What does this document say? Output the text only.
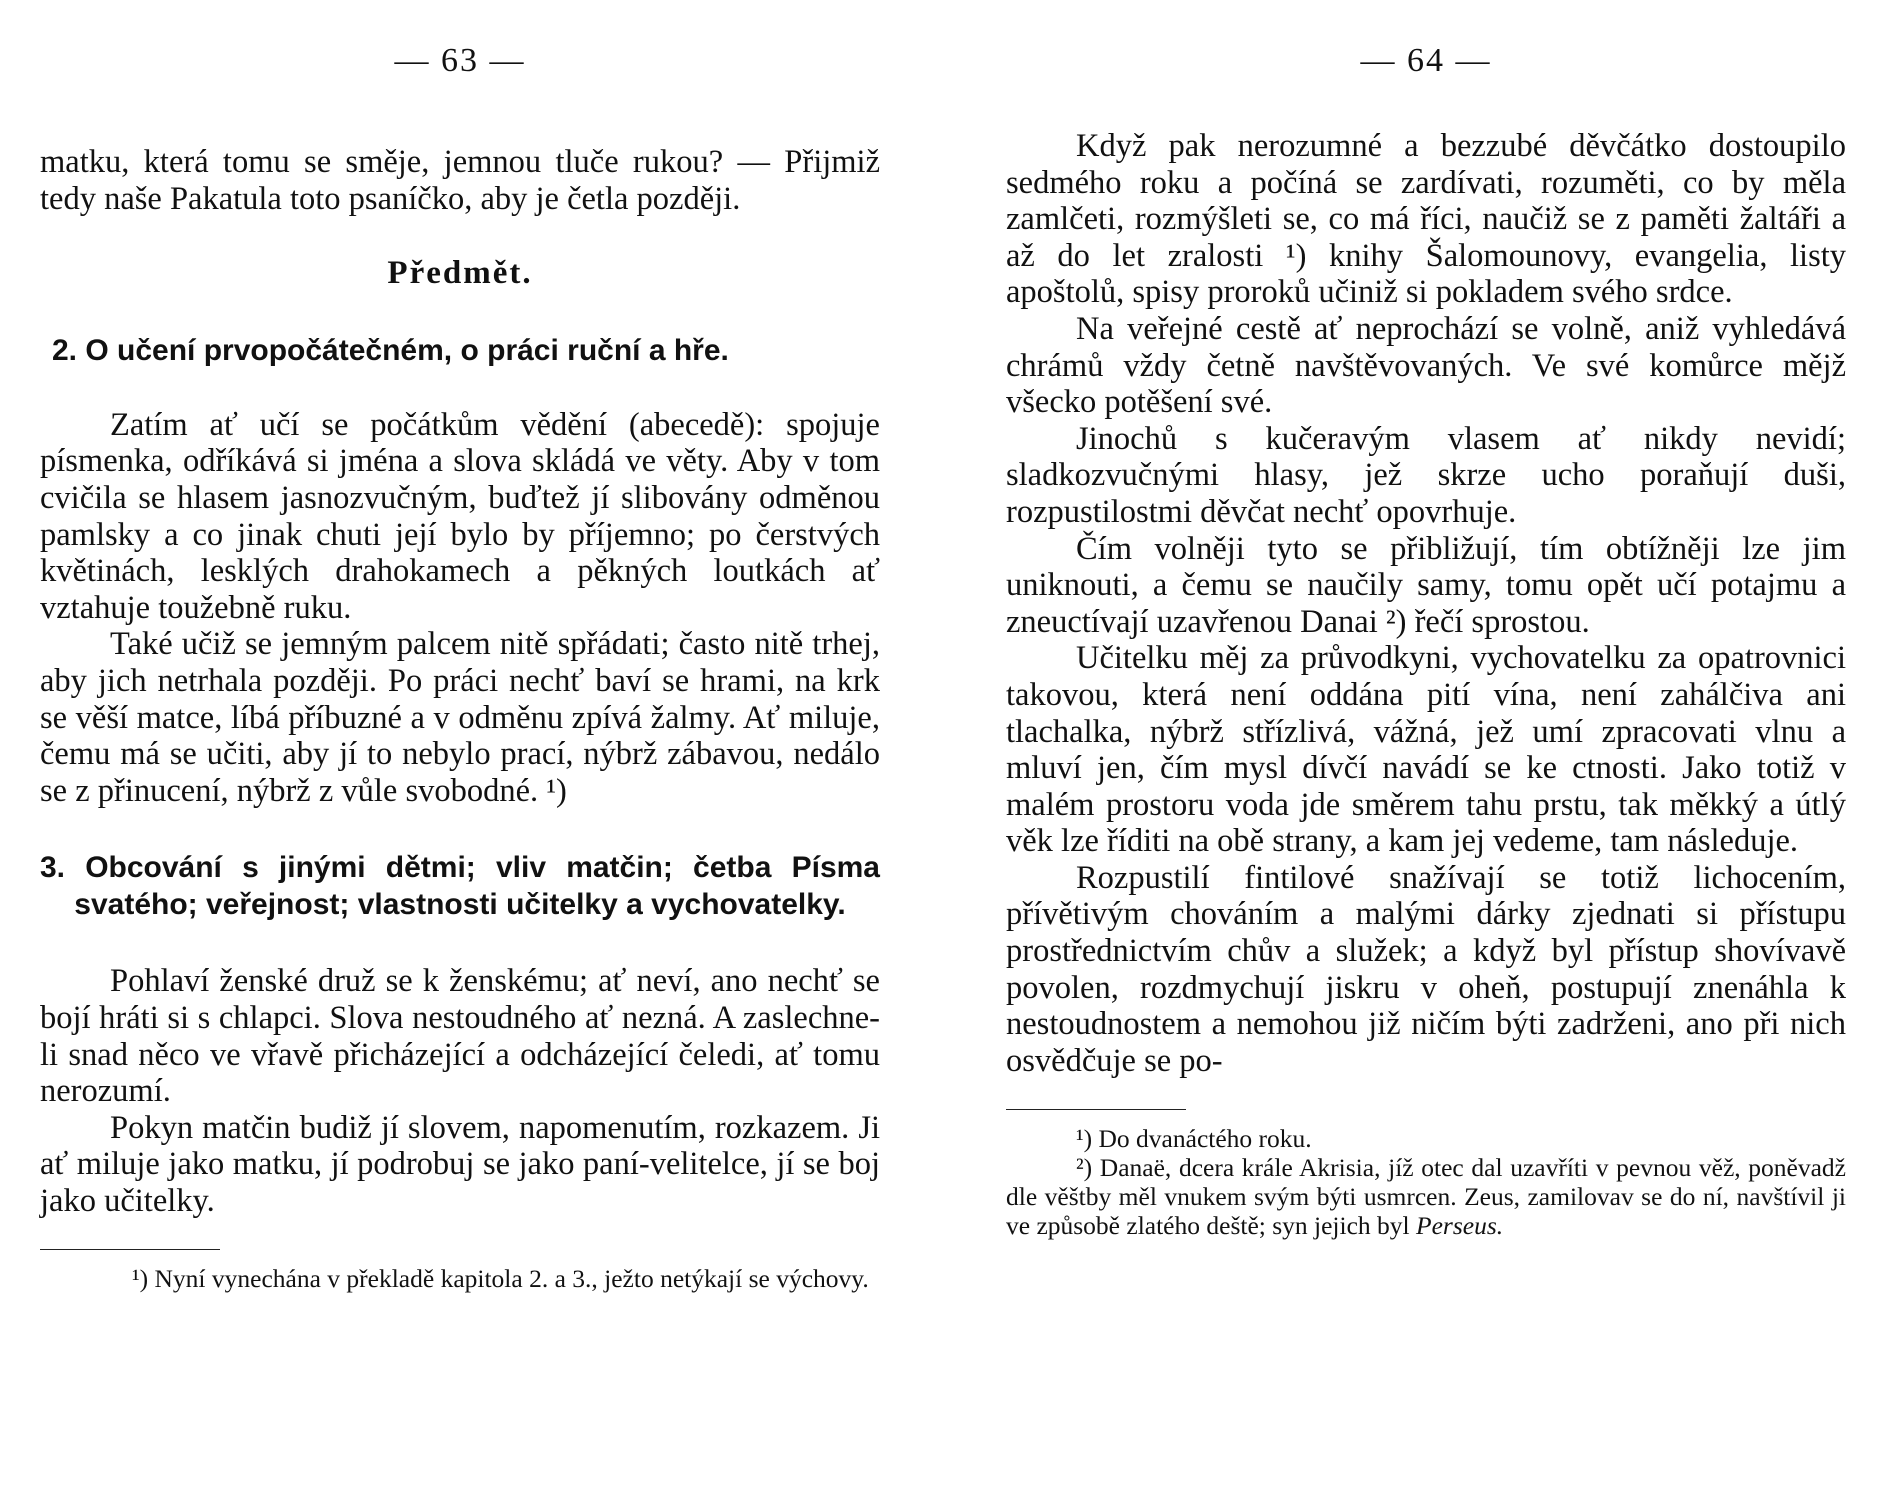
— 63 —

matku, která tomu se směje, jemnou tluče rukou? — Přijmiž tedy naše Pakatula toto psaníčko, aby je četla později.

Předmět.
2. O učení prvopočátečném, o práci ruční a hře.

Zatím ať učí se počátkům vědění (abecedě): spojuje písmenka, odříkává si jména a slova skládá ve věty. Aby v tom cvičila se hlasem jasnozvučným, buďtež jí slibovány odměnou pamlsky a co jinak chuti její bylo by příjemno; po čerstvých květinách, lesklých drahokamech a pěkných loutkách ať vztahuje toužebně ruku.

Také učiž se jemným palcem nitě spřádati; často nitě trhej, aby jich netrhala později. Po práci nechť baví se hrami, na krk se věší matce, líbá příbuzné a v odměnu zpívá žalmy. Ať miluje, čemu má se učiti, aby jí to nebylo prací, nýbrž zábavou, nedálo se z přinucení, nýbrž z vůle svobodné. ¹)

3. Obcování s jinými dětmi; vliv matčin; četba Písma svatého; veřejnost; vlastnosti učitelky a vychovatelky.

Pohlaví ženské druž se k ženskému; ať neví, ano nechť se bojí hráti si s chlapci. Slova nestoudného ať nezná. A zaslechne-li snad něco ve vřavě přicházející a odcházející čeledi, ať tomu nerozumí.

Pokyn matčin budiž jí slovem, napomenutím, rozkazem. Ji ať miluje jako matku, jí podrobuj se jako paní-velitelce, jí se boj jako učitelky.

¹) Nyní vynechána v překladě kapitola 2. a 3., ježto netýkají se výchovy.

— 64 —

Když pak nerozumné a bezzubé děvčátko dostoupilo sedmého roku a počíná se zardívati, rozuměti, co by měla zamlčeti, rozmýšleti se, co má říci, naučiž se z paměti žaltáři a až do let zralosti ¹) knihy Šalomounovy, evangelia, listy apoštolů, spisy proroků učiniž si pokladem svého srdce.

Na veřejné cestě ať neprochází se volně, aniž vyhledává chrámů vždy četně navštěvovaných. Ve své komůrce mějž všecko potěšení své.

Jinochů s kučeravým vlasem ať nikdy nevidí; sladkozvučnými hlasy, jež skrze ucho poraňují duši, rozpustilostmi děvčat nechť opovrhuje.

Čím volněji tyto se přibližují, tím obtížněji lze jim uniknouti, a čemu se naučily samy, tomu opět učí potajmu a zneuctívají uzavřenou Danai ²) řečí sprostou.

Učitelku měj za průvodkyni, vychovatelku za opatrovnici takovou, která není oddána pití vína, není zahálčiva ani tlachalka, nýbrž střízlivá, vážná, jež umí zpracovati vlnu a mluví jen, čím mysl dívčí navádí se ke ctnosti. Jako totiž v malém prostoru voda jde směrem tahu prstu, tak měkký a útlý věk lze říditi na obě strany, a kam jej vedeme, tam následuje.

Rozpustilí fintilové snažívají se totiž lichocením, přívětivým chováním a malými dárky zjednati si přístupu prostřednictvím chův a služek; a když byl přístup shovívavě povolen, rozdmychují jiskru v oheň, postupují znenáhla k nestoudnostem a nemohou již ničím býti zadrženi, ano při nich osvědčuje se po-

¹) Do dvanáctého roku.

²) Danaë, dcera krále Akrisia, jíž otec dal uzavříti v pevnou věž, poněvadž dle věštby měl vnukem svým býti usmrcen. Zeus, zamilovav se do ní, navštívil ji ve způsobě zlatého deště; syn jejich byl Perseus.
